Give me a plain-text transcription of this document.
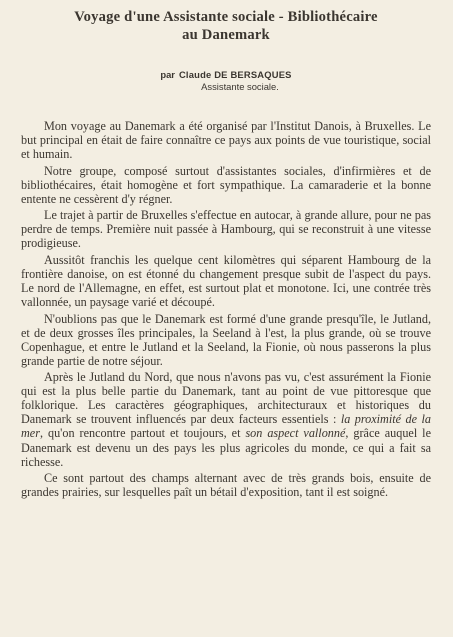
Voyage d'une Assistante sociale - Bibliothécaire
au Danemark
par Claude DE BERSAQUES
Assistante sociale.

Mon voyage au Danemark a été organisé par l'Institut Danois, à Bruxelles. Le but principal en était de faire connaître ce pays aux points de vue touristique, social et humain.

Notre groupe, composé surtout d'assistantes sociales, d'infirmières et de bibliothécaires, était homogène et fort sympathique. La camaraderie et la bonne entente ne cessèrent d'y régner.

Le trajet à partir de Bruxelles s'effectue en autocar, à grande allure, pour ne pas perdre de temps. Première nuit passée à Hambourg, qui se reconstruit à une vitesse prodigieuse.

Aussitôt franchis les quelque cent kilomètres qui séparent Hambourg de la frontière danoise, on est étonné du changement presque subit de l'aspect du pays. Le nord de l'Allemagne, en effet, est surtout plat et monotone. Ici, une contrée très vallonnée, un paysage varié et découpé.

N'oublions pas que le Danemark est formé d'une grande presqu'île, le Jutland, et de deux grosses îles principales, la Seeland à l'est, la plus grande, où se trouve Copenhague, et entre le Jutland et la Seeland, la Fionie, où nous passerons la plus grande partie de notre séjour.

Après le Jutland du Nord, que nous n'avons pas vu, c'est assurément la Fionie qui est la plus belle partie du Danemark, tant au point de vue pittoresque que folklorique. Les caractères géographiques, architecturaux et historiques du Danemark se trouvent influencés par deux facteurs essentiels : la proximité de la mer, qu'on rencontre partout et toujours, et son aspect vallonné, grâce auquel le Danemark est devenu un des pays les plus agricoles du monde, ce qui a fait sa richesse.

Ce sont partout des champs alternant avec de très grands bois, ensuite de grandes prairies, sur lesquelles paît un bétail d'exposition, tant il est soigné.
